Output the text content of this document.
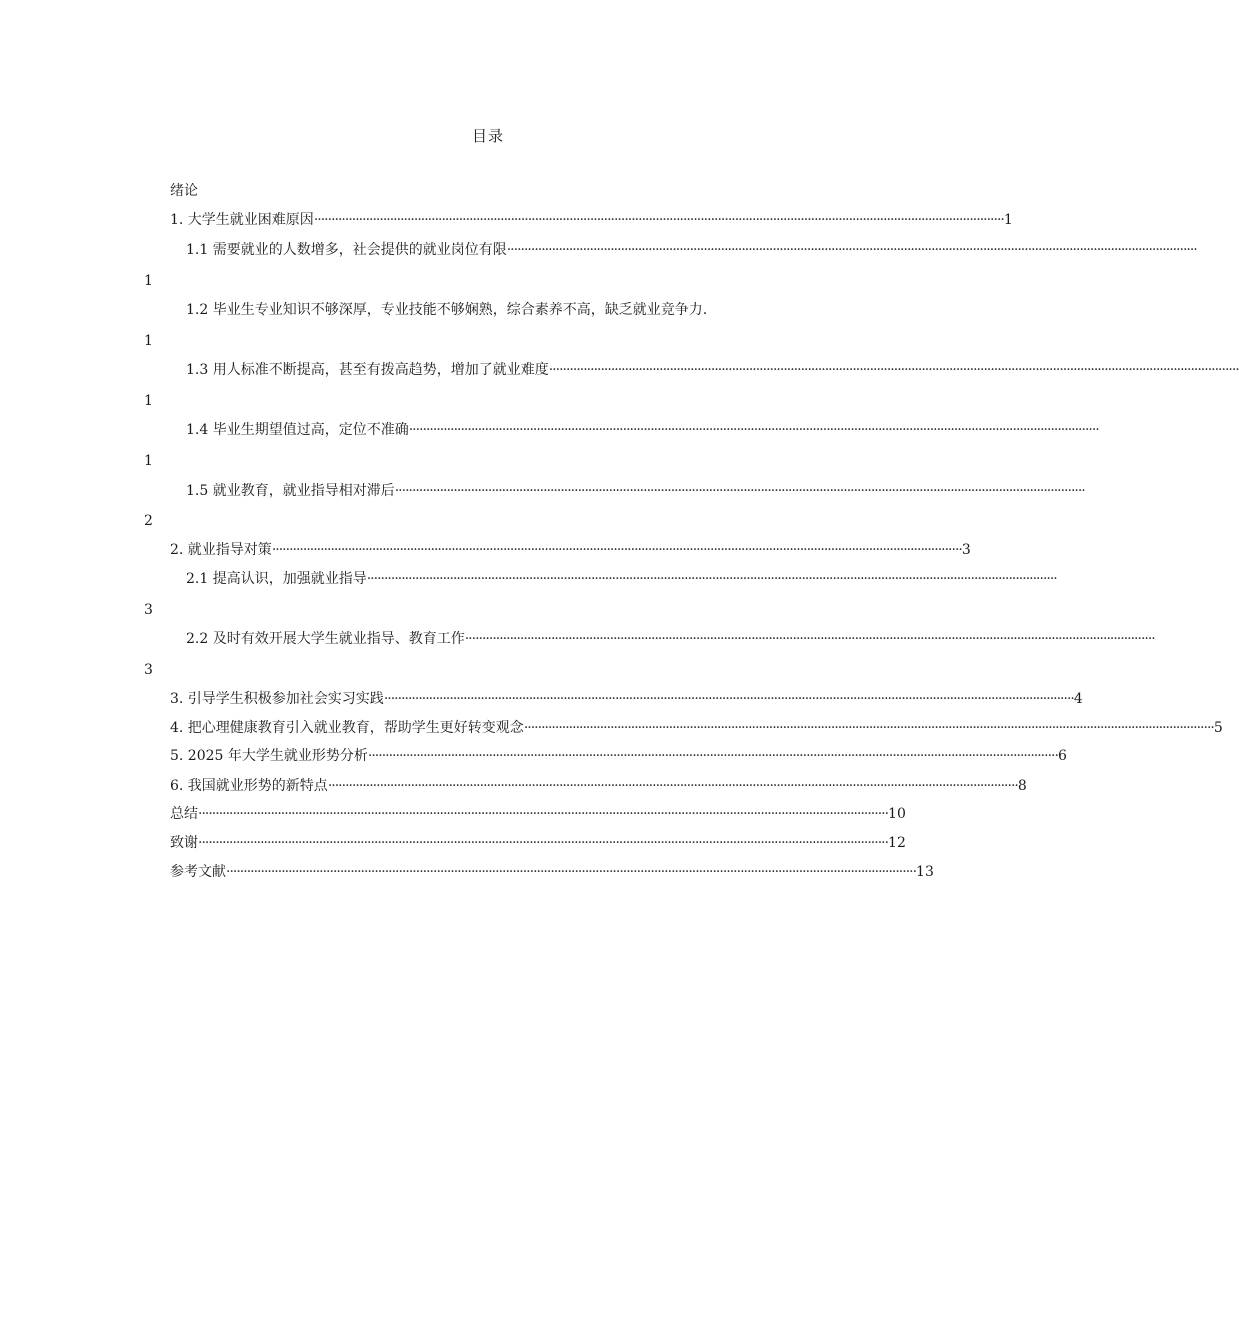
目录
绪论
1. 大学生就业困难原因 ········································································································································································································ 1
1.1 需要就业的人数增多，社会提供的就业岗位有限 ········································································································································································································
1
1.2 毕业生专业知识不够深厚，专业技能不够娴熟，综合素养不高，缺乏就业竞争力.
1
1.3 用人标准不断提高，甚至有拨高趋势，增加了就业难度 ········································································································································································································
1
1.4 毕业生期望值过高，定位不准确 ········································································································································································································
1
1.5 就业教育，就业指导相对滞后 ········································································································································································································
2
2. 就业指导对策 ········································································································································································································ 3
2.1 提高认识，加强就业指导 ········································································································································································································
3
2.2 及时有效开展大学生就业指导、教育工作 ········································································································································································································
3
3. 引导学生积极参加社会实习实践 ········································································································································································································ 4
4. 把心理健康教育引入就业教育，帮助学生更好转变观念 ········································································································································································································ 5
5. 2025 年大学生就业形势分析 ········································································································································································································ 6
6. 我国就业形势的新特点 ········································································································································································································ 8
总结 ········································································································································································································ 10
致谢 ········································································································································································································ 12
参考文献 ········································································································································································································ 13
